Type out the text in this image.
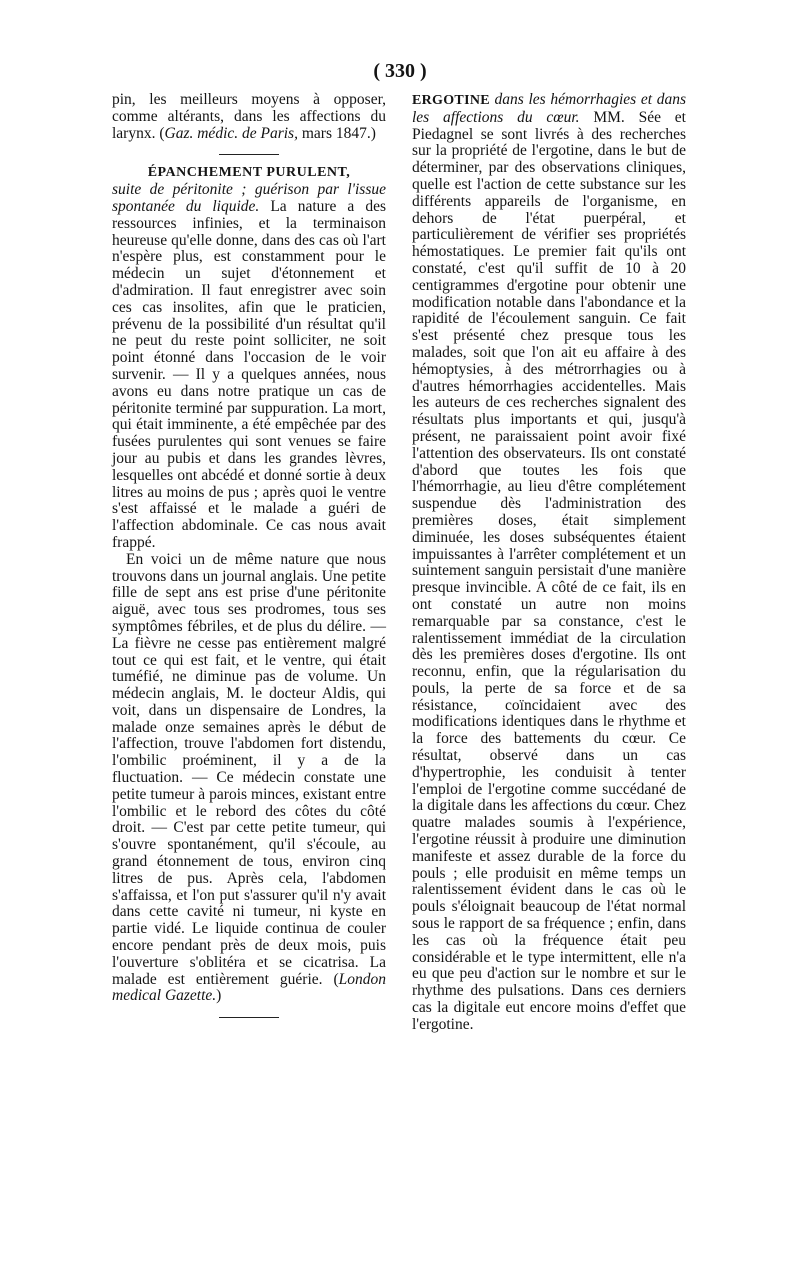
( 330 )

pin, les meilleurs moyens à opposer, comme altérants, dans les affections du larynx. (Gaz. médic. de Paris, mars 1847.)

ÉPANCHEMENT PURULENT,

suite de péritonite ; guérison par l'issue spontanée du liquide. La nature a des ressources infinies, et la terminaison heureuse qu'elle donne, dans des cas où l'art n'espère plus, est constamment pour le médecin un sujet d'étonnement et d'admiration. Il faut enregistrer avec soin ces cas insolites, afin que le praticien, prévenu de la possibilité d'un résultat qu'il ne peut du reste point solliciter, ne soit point étonné dans l'occasion de le voir survenir. — Il y a quelques années, nous avons eu dans notre pratique un cas de péritonite terminé par suppuration. La mort, qui était imminente, a été empêchée par des fusées purulentes qui sont venues se faire jour au pubis et dans les grandes lèvres, lesquelles ont abcédé et donné sortie à deux litres au moins de pus ; après quoi le ventre s'est affaissé et le malade a guéri de l'affection abdominale. Ce cas nous avait frappé.

En voici un de même nature que nous trouvons dans un journal anglais. Une petite fille de sept ans est prise d'une péritonite aiguë, avec tous ses prodromes, tous ses symptômes fébriles, et de plus du délire. — La fièvre ne cesse pas entièrement malgré tout ce qui est fait, et le ventre, qui était tuméfié, ne diminue pas de volume. Un médecin anglais, M. le docteur Aldis, qui voit, dans un dispensaire de Londres, la malade onze semaines après le début de l'affection, trouve l'abdomen fort distendu, l'ombilic proéminent, il y a de la fluctuation. — Ce médecin constate une petite tumeur à parois minces, existant entre l'ombilic et le rebord des côtes du côté droit. — C'est par cette petite tumeur, qui s'ouvre spontanément, qu'il s'écoule, au grand étonnement de tous, environ cinq litres de pus. Après cela, l'abdomen s'affaissa, et l'on put s'assurer qu'il n'y avait dans cette cavité ni tumeur, ni kyste en partie vidé. Le liquide continua de couler encore pendant près de deux mois, puis l'ouverture s'oblitéra et se cicatrisa. La malade est entièrement guérie. (London medical Gazette.)

ERGOTINE dans les hémorrhagies et dans les affections du cœur. MM. Sée et Piedagnel se sont livrés à des recherches sur la propriété de l'ergotine, dans le but de déterminer, par des observations cliniques, quelle est l'action de cette substance sur les différents appareils de l'organisme, en dehors de l'état puerpéral, et particulièrement de vérifier ses propriétés hémostatiques. Le premier fait qu'ils ont constaté, c'est qu'il suffit de 10 à 20 centigrammes d'ergotine pour obtenir une modification notable dans l'abondance et la rapidité de l'écoulement sanguin. Ce fait s'est présenté chez presque tous les malades, soit que l'on ait eu affaire à des hémoptysies, à des métrorrhagies ou à d'autres hémorrhagies accidentelles. Mais les auteurs de ces recherches signalent des résultats plus importants et qui, jusqu'à présent, ne paraissaient point avoir fixé l'attention des observateurs. Ils ont constaté d'abord que toutes les fois que l'hémorrhagie, au lieu d'être complétement suspendue dès l'administration des premières doses, était simplement diminuée, les doses subséquentes étaient impuissantes à l'arrêter complétement et un suintement sanguin persistait d'une manière presque invincible. A côté de ce fait, ils en ont constaté un autre non moins remarquable par sa constance, c'est le ralentissement immédiat de la circulation dès les premières doses d'ergotine. Ils ont reconnu, enfin, que la régularisation du pouls, la perte de sa force et de sa résistance, coïncidaient avec des modifications identiques dans le rhythme et la force des battements du cœur. Ce résultat, observé dans un cas d'hypertrophie, les conduisit à tenter l'emploi de l'ergotine comme succédané de la digitale dans les affections du cœur. Chez quatre malades soumis à l'expérience, l'ergotine réussit à produire une diminution manifeste et assez durable de la force du pouls ; elle produisit en même temps un ralentissement évident dans le cas où le pouls s'éloignait beaucoup de l'état normal sous le rapport de sa fréquence ; enfin, dans les cas où la fréquence était peu considérable et le type intermittent, elle n'a eu que peu d'action sur le nombre et sur le rhythme des pulsations. Dans ces derniers cas la digitale eut encore moins d'effet que l'ergotine.
